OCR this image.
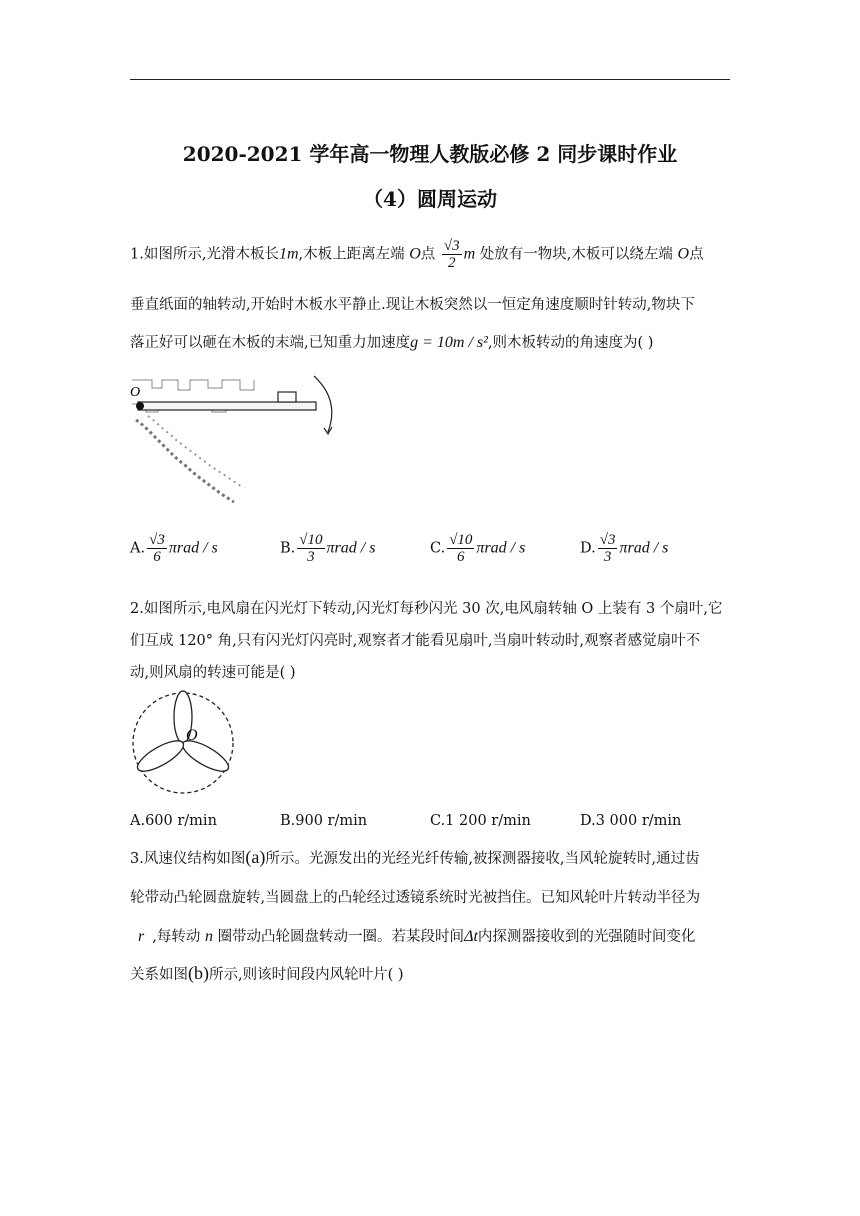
2020-2021 学年高一物理人教版必修 2 同步课时作业
（4）圆周运动
1.如图所示,光滑木板长1m,木板上距离左端 O点 $\frac{√3}{2}$ m 处放有一物块,木板可以绕左端 O点
垂直纸面的轴转动,开始时木板水平静止.现让木板突然以一恒定角速度顺时针转动,物块下
落正好可以砸在木板的末端,已知重力加速度g = 10m / s²,则木板转动的角速度为( )
O
A. $\frac{√3}{6}$ πrad / s	B. $\frac{√10}{3}$ πrad / s	C. $\frac{√10}{6}$ πrad / s	D. $\frac{√3}{3}$ πrad / s
2.如图所示,电风扇在闪光灯下转动,闪光灯每秒闪光 30 次,电风扇转轴 O 上装有 3 个扇叶,它
们互成 120° 角,只有闪光灯闪亮时,观察者才能看见扇叶,当扇叶转动时,观察者感觉扇叶不
动,则风扇的转速可能是( )
O
A.600 r/min	B.900 r/min	C.1 200 r/min	D.3 000 r/min
3.风速仪结构如图(a)所示。光源发出的光经光纤传输,被探测器接收,当风轮旋转时,通过齿
轮带动凸轮圆盘旋转,当圆盘上的凸轮经过透镜系统时光被挡住。已知风轮叶片转动半径为
r ,每转动 n 圈带动凸轮圆盘转动一圈。若某段时间Δt内探测器接收到的光强随时间变化
关系如图(b)所示,则该时间段内风轮叶片( )
